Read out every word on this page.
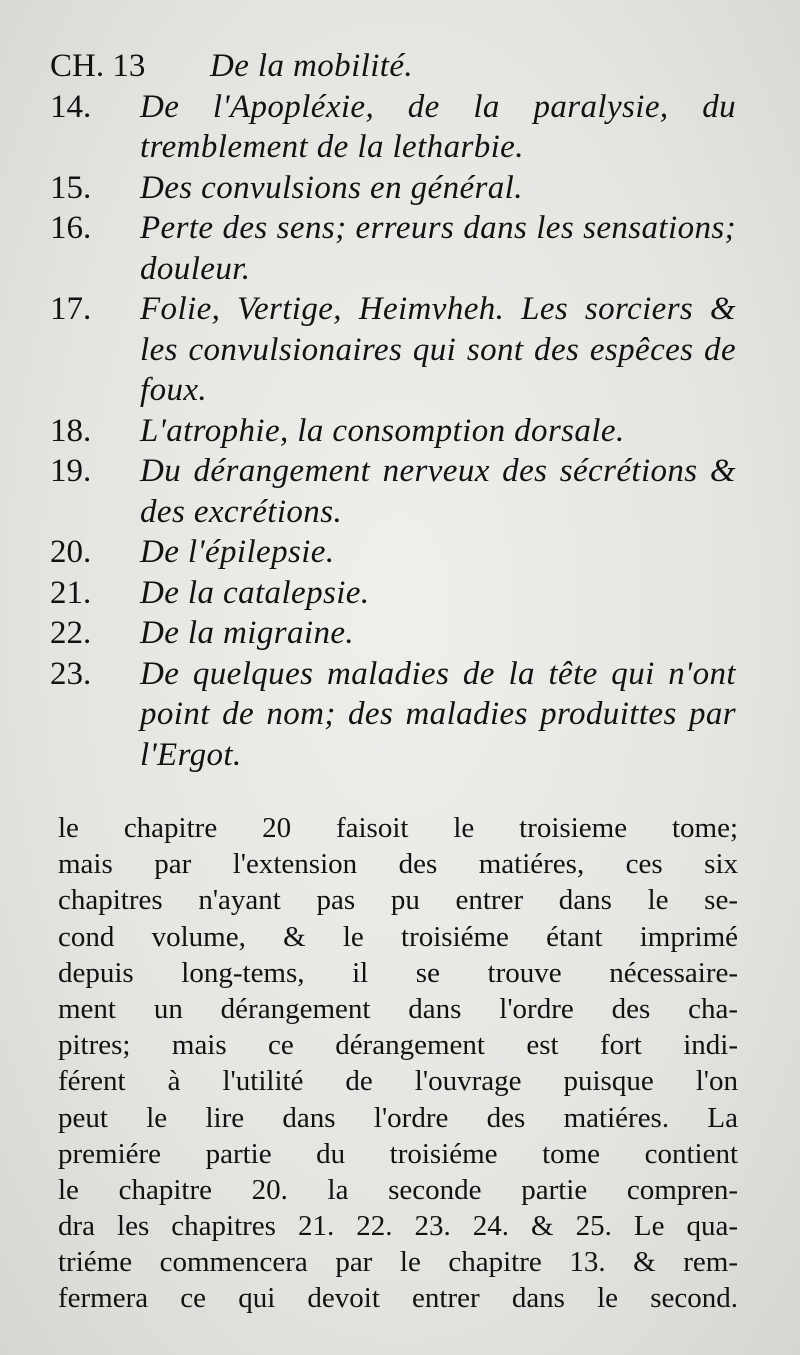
CH. 13	De la mobilité.
14.	De l'Apopléxie, de la paralysie, du tremblement de la letharbie.
15.	Des convulsions en général.
16.	Perte des sens; erreurs dans les sensations; douleur.
17.	Folie, Vertige, Heimvheh. Les sorciers & les convulsionaires qui sont des espêces de foux.
18.	L'atrophie, la consomption dorsale.
19.	Du dérangement nerveux des sécrétions & des excrétions.
20.	De l'épilepsie.
21.	De la catalepsie.
22.	De la migraine.
23.	De quelques maladies de la tête qui n'ont point de nom; des maladies produittes par l'Ergot.
le chapitre 20 faisoit le troisieme tome;
mais par l'extension des matiéres, ces six
chapitres n'ayant pas pu entrer dans le se-
cond volume, & le troisiéme étant imprimé
depuis long-tems, il se trouve nécessaire-
ment un dérangement dans l'ordre des cha-
pitres; mais ce dérangement est fort indi-
férent à l'utilité de l'ouvrage puisque l'on
peut le lire dans l'ordre des matiéres. La
premiére partie du troisiéme tome contient
le chapitre 20. la seconde partie compren-
dra les chapitres 21. 22. 23. 24. & 25. Le qua-
triéme commencera par le chapitre 13. & rem-
fermera ce qui devoit entrer dans le second.
